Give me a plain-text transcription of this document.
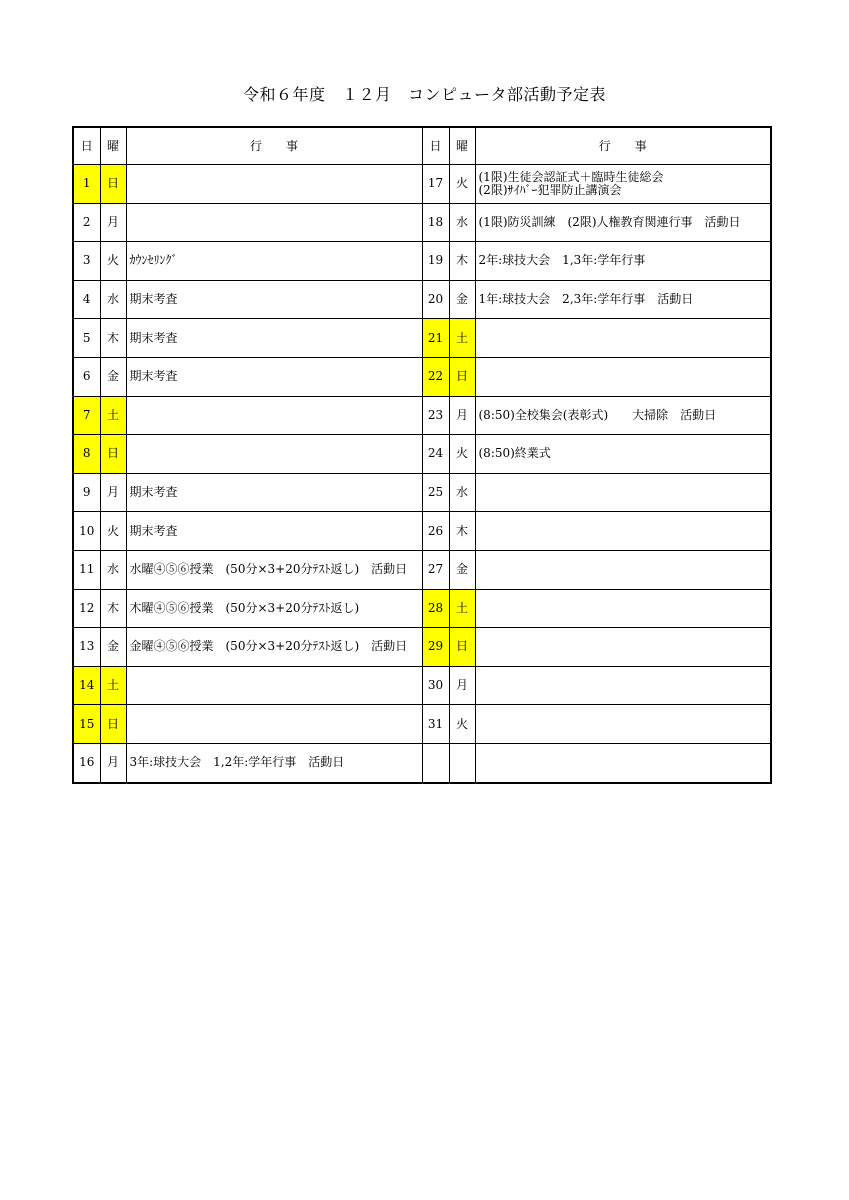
令和６年度　１２月　コンピュータ部活動予定表
日	曜	行　　事	日	曜	行　　事
1	日		17	火	(1限)生徒会認証式＋臨時生徒総会
(2限)ｻｲﾊﾞｰ犯罪防止講演会

2	月		18	水	(1限)防災訓練　(2限)人権教育関連行事　活動日
3	火	ｶｳﾝｾﾘﾝｸﾞ	19	木	2年:球技大会　1,3年:学年行事
4	水	期末考査	20	金	1年:球技大会　2,3年:学年行事　活動日
5	木	期末考査	21	土	
6	金	期末考査	22	日	
7	土		23	月	(8:50)全校集会(表彰式)　　大掃除　活動日
8	日		24	火	(8:50)終業式
9	月	期末考査	25	水	
10	火	期末考査	26	木	
11	水	水曜④⑤⑥授業　(50分×3+20分ﾃｽﾄ返し)　活動日	27	金	
12	木	木曜④⑤⑥授業　(50分×3+20分ﾃｽﾄ返し)	28	土	
13	金	金曜④⑤⑥授業　(50分×3+20分ﾃｽﾄ返し)　活動日	29	日	
14	土		30	月	
15	日		31	火	
16	月	3年:球技大会　1,2年:学年行事　活動日			
